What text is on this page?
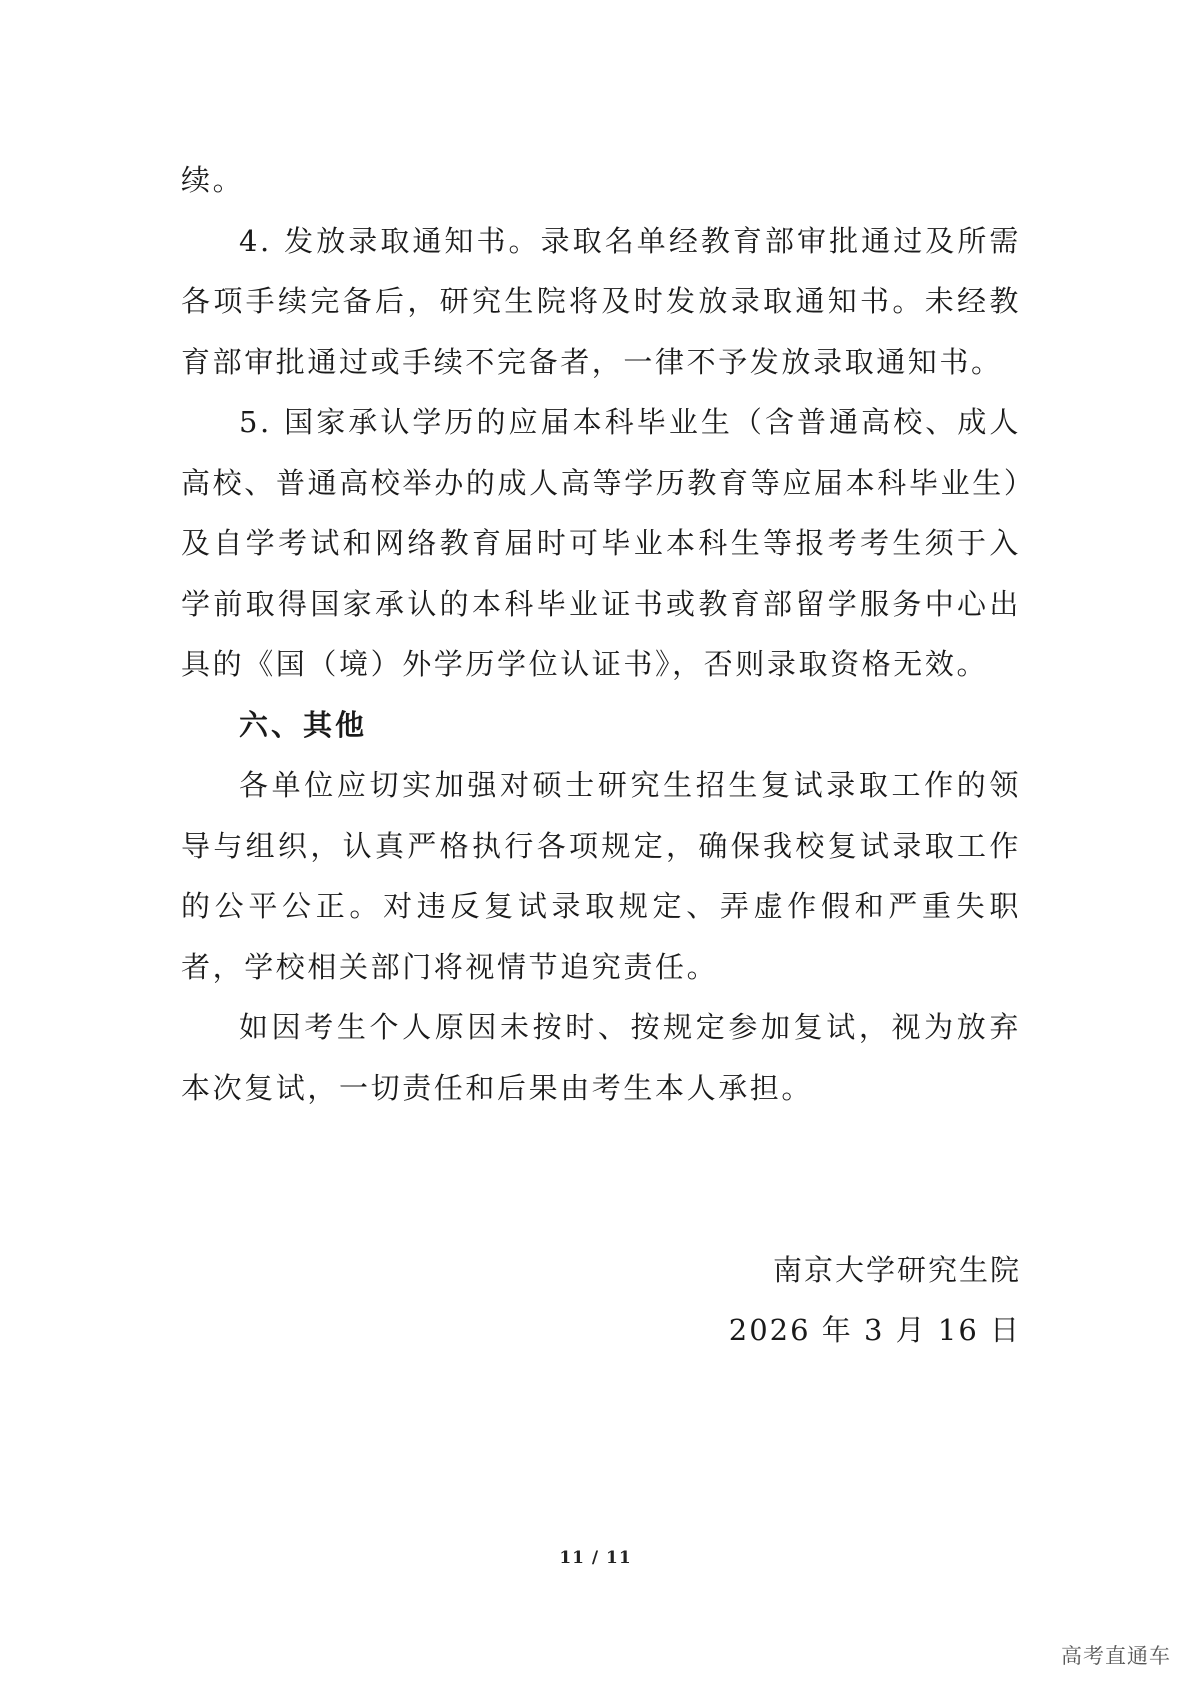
续。

4. 发放录取通知书。录取名单经教育部审批通过及所需各项手续完备后，研究生院将及时发放录取通知书。未经教育部审批通过或手续不完备者，一律不予发放录取通知书。

5. 国家承认学历的应届本科毕业生（含普通高校、成人高校、普通高校举办的成人高等学历教育等应届本科毕业生）及自学考试和网络教育届时可毕业本科生等报考考生须于入学前取得国家承认的本科毕业证书或教育部留学服务中心出具的《国（境）外学历学位认证书》，否则录取资格无效。

六、其他

各单位应切实加强对硕士研究生招生复试录取工作的领导与组织，认真严格执行各项规定，确保我校复试录取工作的公平公正。对违反复试录取规定、弄虚作假和严重失职者，学校相关部门将视情节追究责任。

如因考生个人原因未按时、按规定参加复试，视为放弃本次复试，一切责任和后果由考生本人承担。

南京大学研究生院
2026 年 3 月 16 日
11 / 11
高考直通车
